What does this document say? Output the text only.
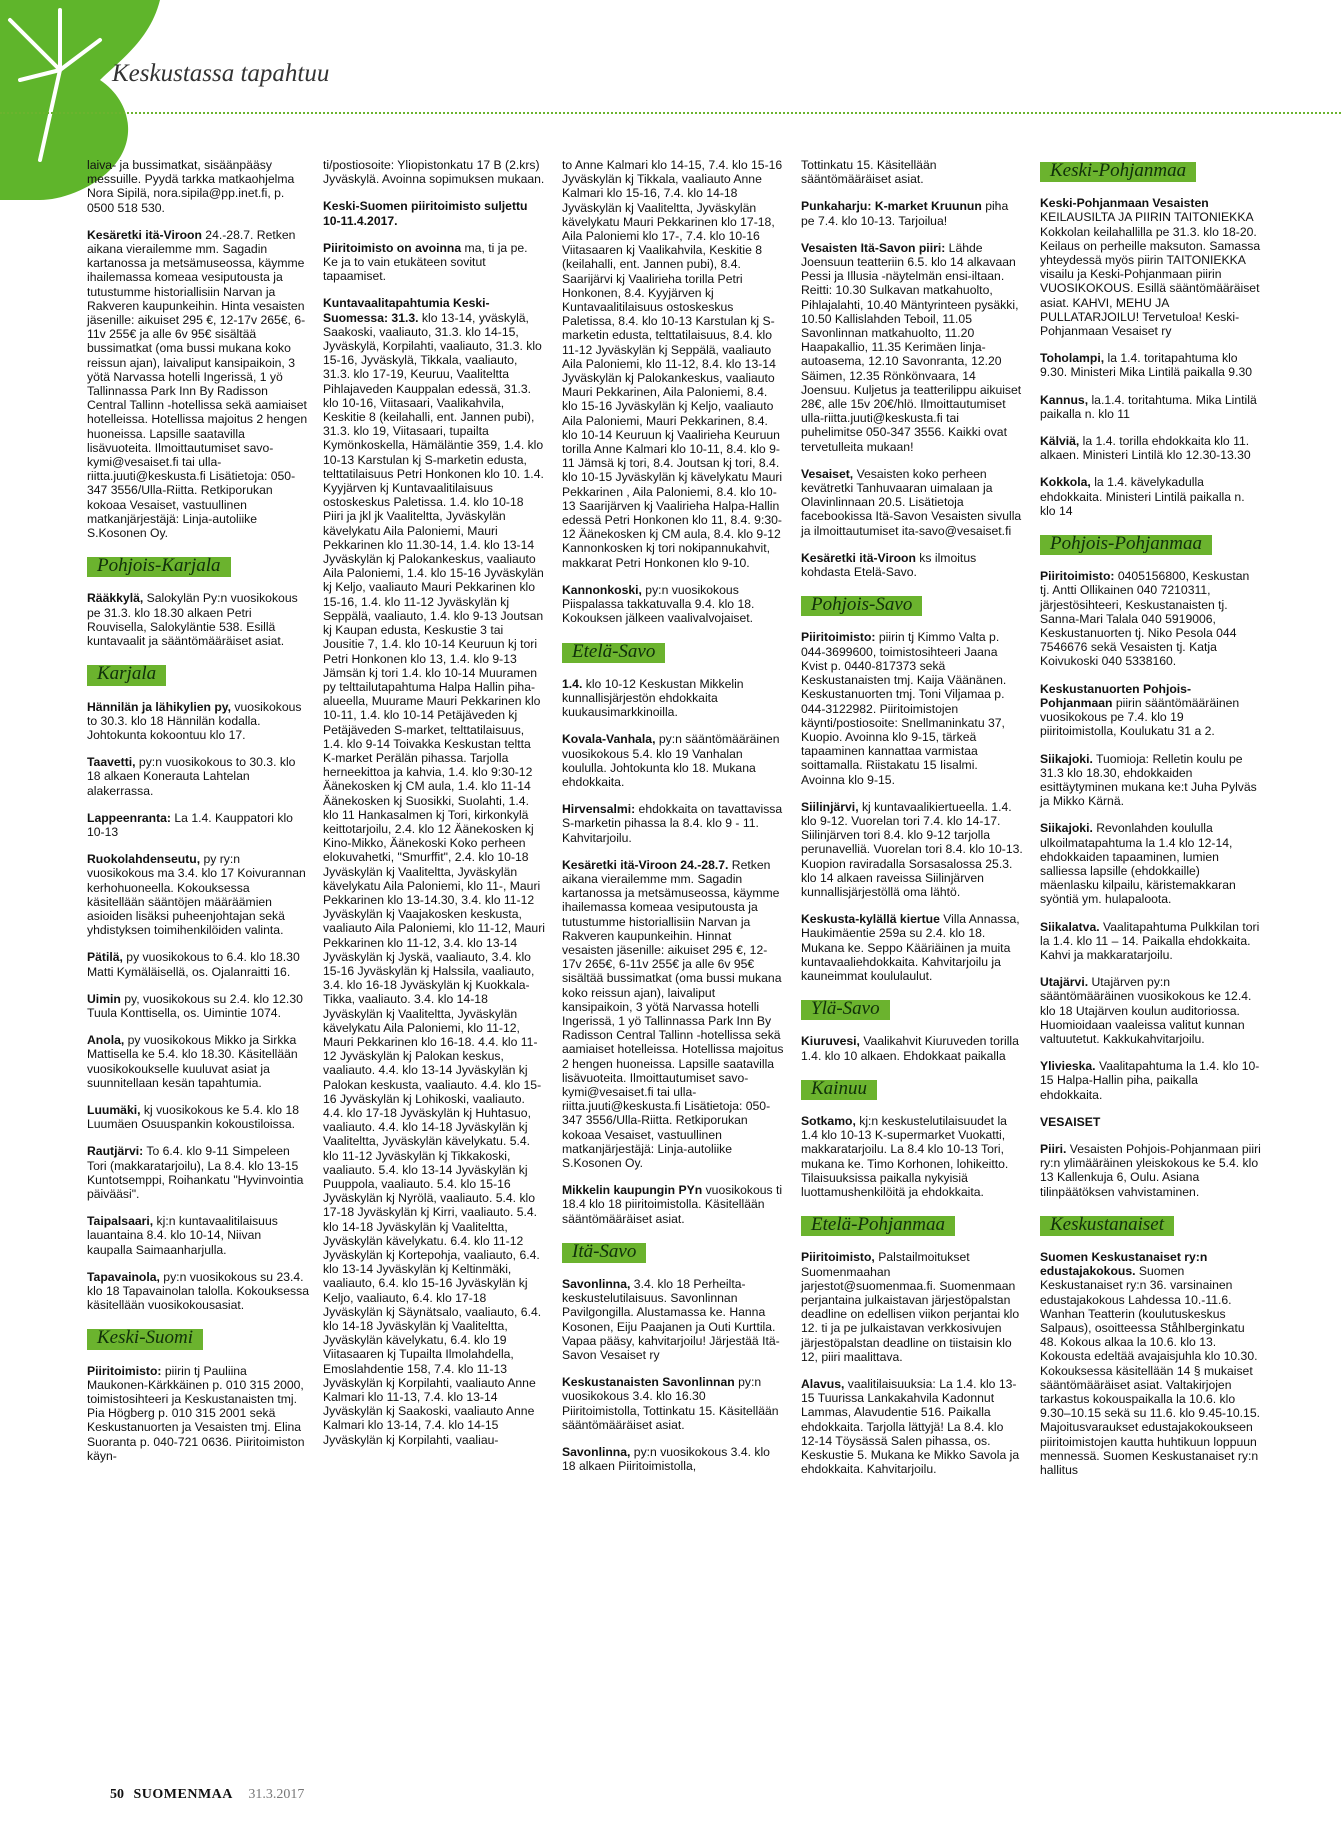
Keskustassa tapahtuu

laiva- ja bussimatkat, sisäänpääsy messuille. Pyydä tarkka matkaohjelma Nora Sipilä, nora.sipila@pp.inet.fi, p. 0500 518 530.

Kesäretki itä-Viroon 24.-28.7. Retken aikana vierailemme mm. Sagadin kartanossa ja metsämuseossa, käymme ihailemassa komeaa vesiputousta ja tutustumme historiallisiin Narvan ja Rakveren kaupunkeihin. Hinta vesaisten jäsenille: aikuiset 295 €, 12-17v 265€, 6-11v 255€ ja alle 6v 95€ sisältää bussimatkat (oma bussi mukana koko reissun ajan), laivaliput kansipaikoin, 3 yötä Narvassa hotelli Ingerissä, 1 yö Tallinnassa Park Inn By Radisson Central Tallinn -hotellissa sekä aamiaiset hotelleissa. Hotellissa majoitus 2 hengen huoneissa. Lapsille saatavilla lisävuoteita. Ilmoittautumiset savo-kymi@vesaiset.fi tai ulla-riitta.juuti@keskusta.fi Lisätietoja: 050-347 3556/Ulla-Riitta. Retkiporukan kokoaa Vesaiset, vastuullinen matkanjärjestäjä: Linja-autoliike S.Kosonen Oy.

Pohjois-Karjala

Rääkkylä, Salokylän Py:n vuosikokous pe 31.3. klo 18.30 alkaen Petri Rouvisella, Salokyläntie 538. Esillä kuntavaalit ja sääntömääräiset asiat.

Karjala

Hännilän ja lähikylien py, vuosikokous to 30.3. klo 18 Hännilän kodalla. Johtokunta kokoontuu klo 17.

Taavetti, py:n vuosikokous to 30.3. klo 18 alkaen Konerauta Lahtelan alakerrassa.

Lappeenranta: La 1.4. Kauppatori klo 10-13

Ruokolahdenseutu, py ry:n vuosikokous ma 3.4. klo 17 Koivurannan kerhohuoneella. Kokouksessa käsitellään sääntöjen määräämien asioiden lisäksi puheenjohtajan sekä yhdistyksen toimihenkilöiden valinta.

Pätilä, py vuosikokous to 6.4. klo 18.30 Matti Kymäläisellä, os. Ojalanraitti 16.

Uimin py, vuosikokous su 2.4. klo 12.30 Tuula Konttisella, os. Uimintie 1074.

Anola, py vuosikokous Mikko ja Sirkka Mattisella ke 5.4. klo 18.30. Käsitellään vuosikokoukselle kuuluvat asiat ja suunnitellaan kesän tapahtumia.

Luumäki, kj vuosikokous ke 5.4. klo 18 Luumäen Osuuspankin kokoustiloissa.

Rautjärvi: To 6.4. klo 9-11 Simpeleen Tori (makkaratarjoilu), La 8.4. klo 13-15 Kuntotsemppi, Roihankatu "Hyvinvointia päivääsi".

Taipalsaari, kj:n kuntavaalitilaisuus lauantaina 8.4. klo 10-14, Niivan kaupalla Saimaanharjulla.

Tapavainola, py:n vuosikokous su 23.4. klo 18 Tapavainolan talolla. Kokouksessa käsitellään vuosikokousasiat.

Keski-Suomi

Piiritoimisto: piirin tj Pauliina Maukonen-Kärkkäinen p. 010 315 2000, toimistosihteeri ja Keskustanaisten tmj. Pia Högberg p. 010 315 2001 sekä Keskustanuorten ja Vesaisten tmj. Elina Suoranta p. 040-721 0636. Piiritoimiston käyn-

ti/postiosoite: Yliopistonkatu 17 B (2.krs) Jyväskylä. Avoinna sopimuksen mukaan.

Keski-Suomen piiritoimisto suljettu 10-11.4.2017.

Piiritoimisto on avoinna ma, ti ja pe. Ke ja to vain etukäteen sovitut tapaamiset.

Kuntavaalitapahtumia Keski-Suomessa: 31.3. klo 13-14, yväskylä, Saakoski, vaaliauto, 31.3. klo 14-15, Jyväskylä, Korpilahti, vaaliauto, 31.3. klo 15-16, Jyväskylä, Tikkala, vaaliauto, 31.3. klo 17-19, Keuruu, Vaaliteltta Pihlajaveden Kauppalan edessä, 31.3. klo 10-16, Viitasaari, Vaalikahvila, Keskitie 8 (keilahalli, ent. Jannen pubi), 31.3. klo 19, Viitasaari, tupailta Kymönkoskella, Hämäläntie 359, 1.4. klo 10-13 Karstulan kj S-marketin edusta, telttatilaisuus Petri Honkonen klo 10. 1.4. Kyyjärven kj Kuntavaalitilaisuus ostoskeskus Paletissa. 1.4. klo 10-18 Piiri ja jkl jk Vaaliteltta, Jyväskylän kävelykatu Aila Paloniemi, Mauri Pekkarinen klo 11.30-14, 1.4. klo 13-14 Jyväskylän kj Palokankeskus, vaaliauto Aila Paloniemi, 1.4. klo 15-16 Jyväskylän kj Keljo, vaaliauto Mauri Pekkarinen klo 15-16, 1.4. klo 11-12 Jyväskylän kj Seppälä, vaaliauto, 1.4. klo 9-13 Joutsan kj Kaupan edusta, Keskustie 3 tai Jousitie 7, 1.4. klo 10-14 Keuruun kj tori Petri Honkonen klo 13, 1.4. klo 9-13 Jämsän kj tori 1.4. klo 10-14 Muuramen py telttailutapahtuma Halpa Hallin piha-alueella, Muurame Mauri Pekkarinen klo 10-11, 1.4. klo 10-14 Petäjäveden kj Petäjäveden S-market, telttatilaisuus, 1.4. klo 9-14 Toivakka Keskustan teltta K-market Perälän pihassa. Tarjolla herneekittoa ja kahvia, 1.4. klo 9:30-12 Äänekosken kj CM aula, 1.4. klo 11-14 Äänekosken kj Suosikki, Suolahti, 1.4. klo 11 Hankasalmen kj Tori, kirkonkylä keittotarjoilu, 2.4. klo 12 Äänekosken kj Kino-Mikko, Äänekoski Koko perheen elokuvahetki, "Smurffit", 2.4. klo 10-18 Jyväskylän kj Vaaliteltta, Jyväskylän kävelykatu Aila Paloniemi, klo 11-, Mauri Pekkarinen klo 13-14.30, 3.4. klo 11-12 Jyväskylän kj Vaajakosken keskusta, vaaliauto Aila Paloniemi, klo 11-12, Mauri Pekkarinen klo 11-12, 3.4. klo 13-14 Jyväskylän kj Jyskä, vaaliauto, 3.4. klo 15-16 Jyväskylän kj Halssila, vaaliauto, 3.4. klo 16-18 Jyväskylän kj Kuokkala-Tikka, vaaliauto. 3.4. klo 14-18 Jyväskylän kj Vaaliteltta, Jyväskylän kävelykatu Aila Paloniemi, klo 11-12, Mauri Pekkarinen klo 16-18. 4.4. klo 11-12 Jyväskylän kj Palokan keskus, vaaliauto. 4.4. klo 13-14 Jyväskylän kj Palokan keskusta, vaaliauto. 4.4. klo 15-16 Jyväskylän kj Lohikoski, vaaliauto. 4.4. klo 17-18 Jyväskylän kj Huhtasuo, vaaliauto. 4.4. klo 14-18 Jyväskylän kj Vaaliteltta, Jyväskylän kävelykatu. 5.4. klo 11-12 Jyväskylän kj Tikkakoski, vaaliauto. 5.4. klo 13-14 Jyväskylän kj Puuppola, vaaliauto. 5.4. klo 15-16 Jyväskylän kj Nyrölä, vaaliauto. 5.4. klo 17-18 Jyväskylän kj Kirri, vaaliauto. 5.4. klo 14-18 Jyväskylän kj Vaaliteltta, Jyväskylän kävelykatu. 6.4. klo 11-12 Jyväskylän kj Kortepohja, vaaliauto, 6.4. klo 13-14 Jyväskylän kj Keltinmäki, vaaliauto, 6.4. klo 15-16 Jyväskylän kj Keljo, vaaliauto, 6.4. klo 17-18 Jyväskylän kj Säynätsalo, vaaliauto, 6.4. klo 14-18 Jyväskylän kj Vaaliteltta, Jyväskylän kävelykatu, 6.4. klo 19 Viitasaaren kj Tupailta Ilmolahdella, Emoslahdentie 158, 7.4. klo 11-13 Jyväskylän kj Korpilahti, vaaliauto Anne Kalmari klo 11-13, 7.4. klo 13-14 Jyväskylän kj Saakoski, vaaliauto Anne Kalmari klo 13-14, 7.4. klo 14-15 Jyväskylän kj Korpilahti, vaaliau-

to Anne Kalmari klo 14-15, 7.4. klo 15-16 Jyväskylän kj Tikkala, vaaliauto Anne Kalmari klo 15-16, 7.4. klo 14-18 Jyväskylän kj Vaaliteltta, Jyväskylän kävelykatu Mauri Pekkarinen klo 17-18, Aila Paloniemi klo 17-, 7.4. klo 10-16 Viitasaaren kj Vaalikahvila, Keskitie 8 (keilahalli, ent. Jannen pubi), 8.4. Saarijärvi kj Vaalirieha torilla Petri Honkonen, 8.4. Kyyjärven kj Kuntavaalitilaisuus ostoskeskus Paletissa, 8.4. klo 10-13 Karstulan kj S-marketin edusta, telttatilaisuus, 8.4. klo 11-12 Jyväskylän kj Seppälä, vaaliauto Aila Paloniemi, klo 11-12, 8.4. klo 13-14 Jyväskylän kj Palokankeskus, vaaliauto Mauri Pekkarinen, Aila Paloniemi, 8.4. klo 15-16 Jyväskylän kj Keljo, vaaliauto Aila Paloniemi, Mauri Pekkarinen, 8.4. klo 10-14 Keuruun kj Vaalirieha Keuruun torilla Anne Kalmari klo 10-11, 8.4. klo 9-11 Jämsä kj tori, 8.4. Joutsan kj tori, 8.4. klo 10-15 Jyväskylän kj kävelykatu Mauri Pekkarinen , Aila Paloniemi, 8.4. klo 10-13 Saarijärven kj Vaalirieha Halpa-Hallin edessä Petri Honkonen klo 11, 8.4. 9:30-12 Äänekosken kj CM aula, 8.4. klo 9-12 Kannonkosken kj tori nokipannukahvit, makkarat Petri Honkonen klo 9-10.

Kannonkoski, py:n vuosikokous Piispalassa takkatuvalla 9.4. klo 18. Kokouksen jälkeen vaalivalvojaiset.

Etelä-Savo

1.4. klo 10-12 Keskustan Mikkelin kunnallisjärjestön ehdokkaita kuukausimarkkinoilla.

Kovala-Vanhala, py:n sääntömääräinen vuosikokous 5.4. klo 19 Vanhalan koululla. Johtokunta klo 18. Mukana ehdokkaita.

Hirvensalmi: ehdokkaita on tavattavissa S-marketin pihassa la 8.4. klo 9 - 11. Kahvitarjoilu.

Kesäretki itä-Viroon 24.-28.7. Retken aikana vierailemme mm. Sagadin kartanossa ja metsämuseossa, käymme ihailemassa komeaa vesiputousta ja tutustumme historiallisiin Narvan ja Rakveren kaupunkeihin. Hinnat vesaisten jäsenille: aikuiset 295 €, 12-17v 265€, 6-11v 255€ ja alle 6v 95€ sisältää bussimatkat (oma bussi mukana koko reissun ajan), laivaliput kansipaikoin, 3 yötä Narvassa hotelli Ingerissä, 1 yö Tallinnassa Park Inn By Radisson Central Tallinn -hotellissa sekä aamiaiset hotelleissa. Hotellissa majoitus 2 hengen huoneissa. Lapsille saatavilla lisävuoteita. Ilmoittautumiset savo-kymi@vesaiset.fi tai ulla-riitta.juuti@keskusta.fi Lisätietoja: 050-347 3556/Ulla-Riitta. Retkiporukan kokoaa Vesaiset, vastuullinen matkanjärjestäjä: Linja-autoliike S.Kosonen Oy.

Mikkelin kaupungin PYn vuosikokous ti 18.4 klo 18 piiritoimistolla. Käsitellään sääntömääräiset asiat.

Itä-Savo

Savonlinna, 3.4. klo 18 Perheilta- keskustelutilaisuus. Savonlinnan Pavilgongilla. Alustamassa ke. Hanna Kosonen, Eiju Paajanen ja Outi Kurttila. Vapaa pääsy, kahvitarjoilu! Järjestää Itä-Savon Vesaiset ry

Keskustanaisten Savonlinnan py:n vuosikokous 3.4. klo 16.30 Piiritoimistolla, Tottinkatu 15. Käsitellään sääntömääräiset asiat.

Savonlinna, py:n vuosikokous 3.4. klo 18 alkaen Piiritoimistolla,

Tottinkatu 15. Käsitellään sääntömääräiset asiat.

Punkaharju: K-market Kruunun piha pe 7.4. klo 10-13. Tarjoilua!

Vesaisten Itä-Savon piiri: Lähde Joensuun teatteriin 6.5. klo 14 alkavaan Pessi ja Illusia -näytelmän ensi-iltaan. Reitti: 10.30 Sulkavan matkahuolto, Pihlajalahti, 10.40 Mäntyrinteen pysäkki, 10.50 Kallislahden Teboil, 11.05 Savonlinnan matkahuolto, 11.20 Haapakallio, 11.35 Kerimäen linja-autoasema, 12.10 Savonranta, 12.20 Säimen, 12.35 Rönkönvaara, 14 Joensuu. Kuljetus ja teatterilippu aikuiset 28€, alle 15v 20€/hlö. Ilmoittautumiset ulla-riitta.juuti@keskusta.fi tai puhelimitse 050-347 3556. Kaikki ovat tervetulleita mukaan!

Vesaiset, Vesaisten koko perheen kevätretki Tanhuvaaran uimalaan ja Olavinlinnaan 20.5. Lisätietoja facebookissa Itä-Savon Vesaisten sivulla ja ilmoittautumiset ita-savo@vesaiset.fi

Kesäretki itä-Viroon ks ilmoitus kohdasta Etelä-Savo.

Pohjois-Savo

Piiritoimisto: piirin tj Kimmo Valta p. 044-3699600, toimistosihteeri Jaana Kvist p. 0440-817373 sekä Keskustanaisten tmj. Kaija Väänänen. Keskustanuorten tmj. Toni Viljamaa p. 044-3122982. Piiritoimistojen käynti/postiosoite: Snellmaninkatu 37, Kuopio. Avoinna klo 9-15, tärkeä tapaaminen kannattaa varmistaa soittamalla. Riistakatu 15 Iisalmi. Avoinna klo 9-15.

Siilinjärvi, kj kuntavaalikiertueella. 1.4. klo 9-12. Vuorelan tori 7.4. klo 14-17. Siilinjärven tori 8.4. klo 9-12 tarjolla perunavelliä. Vuorelan tori 8.4. klo 10-13. Kuopion raviradalla Sorsasalossa 25.3. klo 14 alkaen raveissa Siilinjärven kunnallisjärjestöllä oma lähtö.

Keskusta-kylällä kiertue Villa Annassa, Haukimäentie 259a su 2.4. klo 18. Mukana ke. Seppo Kääriäinen ja muita kuntavaaliehdokkaita. Kahvitarjoilu ja kauneimmat koululaulut.

Ylä-Savo

Kiuruvesi, Vaalikahvit Kiuruveden torilla 1.4. klo 10 alkaen. Ehdokkaat paikalla

Kainuu

Sotkamo, kj:n keskustelutilaisuudet la 1.4 klo 10-13 K-supermarket Vuokatti, makkaratarjoilu. La 8.4 klo 10-13 Tori, mukana ke. Timo Korhonen, lohikeitto. Tilaisuuksissa paikalla nykyisiä luottamushenkilöitä ja ehdokkaita.

Etelä-Pohjanmaa

Piiritoimisto, Palstailmoitukset Suomenmaahan jarjestot@suomenmaa.fi. Suomenmaan perjantaina julkaistavan järjestöpalstan deadline on edellisen viikon perjantai klo 12. ti ja pe julkaistavan verkkosivujen järjestöpalstan deadline on tiistaisin klo 12, piiri maalittava.

Alavus, vaalitilaisuuksia: La 1.4. klo 13-15 Tuurissa Lankakahvila Kadonnut Lammas, Alavudentie 516. Paikalla ehdokkaita. Tarjolla lättyjä! La 8.4. klo 12-14 Töysässä Salen pihassa, os. Keskustie 5. Mukana ke Mikko Savola ja ehdokkaita. Kahvitarjoilu.

Keski-Pohjanmaa

Keski-Pohjanmaan Vesaisten KEILAUSILTA JA PIIRIN TAITONIEKKA Kokkolan keilahallilla pe 31.3. klo 18-20. Keilaus on perheille maksuton. Samassa yhteydessä myös piirin TAITONIEKKA visailu ja Keski-Pohjanmaan piirin VUOSIKOKOUS. Esillä sääntömääräiset asiat. KAHVI, MEHU JA PULLATARJOILU! Tervetuloa! Keski-Pohjanmaan Vesaiset ry

Toholampi, la 1.4. toritapahtuma klo 9.30. Ministeri Mika Lintilä paikalla 9.30

Kannus, la.1.4. toritahtuma. Mika Lintilä paikalla n. klo 11

Kälviä, la 1.4. torilla ehdokkaita klo 11. alkaen. Ministeri Lintilä klo 12.30-13.30

Kokkola, la 1.4. kävelykadulla ehdokkaita. Ministeri Lintilä paikalla n. klo 14

Pohjois-Pohjanmaa

Piiritoimisto: 0405156800, Keskustan tj. Antti Ollikainen 040 7210311, järjestösihteeri, Keskustanaisten tj. Sanna-Mari Talala 040 5919006, Keskustanuorten tj. Niko Pesola 044 7546676 sekä Vesaisten tj. Katja Koivukoski 040 5338160.

Keskustanuorten Pohjois-Pohjanmaan piirin sääntömääräinen vuosikokous pe 7.4. klo 19 piiritoimistolla, Koulukatu 31 a 2.

Siikajoki. Tuomioja: Relletin koulu pe 31.3 klo 18.30, ehdokkaiden esittäytyminen mukana ke:t Juha Pylväs ja Mikko Kärnä.

Siikajoki. Revonlahden koululla ulkoilmatapahtuma la 1.4 klo 12-14, ehdokkaiden tapaaminen, lumien salliessa lapsille (ehdokkaille) mäenlasku kilpailu, käristemakkaran syöntiä ym. hulapaloota.

Siikalatva. Vaalitapahtuma Pulkkilan tori la 1.4. klo 11 – 14. Paikalla ehdokkaita. Kahvi ja makkaratarjoilu.

Utajärvi. Utajärven py:n sääntömääräinen vuosikokous ke 12.4. klo 18 Utajärven koulun auditoriossa. Huomioidaan vaaleissa valitut kunnan valtuutetut. Kakkukahvitarjoilu.

Ylivieska. Vaalitapahtuma la 1.4. klo 10-15 Halpa-Hallin piha, paikalla ehdokkaita.

VESAISET

Piiri. Vesaisten Pohjois-Pohjanmaan piiri ry:n ylimääräinen yleiskokous ke 5.4. klo 13 Kallenkuja 6, Oulu. Asiana tilinpäätöksen vahvistaminen.

Keskustanaiset

Suomen Keskustanaiset ry:n edustajakokous. Suomen Keskustanaiset ry:n 36. varsinainen edustajakokous Lahdessa 10.-11.6. Wanhan Teatterin (koulutuskeskus Salpaus), osoitteessa Ståhlberginkatu 48. Kokous alkaa la 10.6. klo 13. Kokousta edeltää avajaisjuhla klo 10.30. Kokouksessa käsitellään 14 § mukaiset sääntömääräiset asiat. Valtakirjojen tarkastus kokouspaikalla la 10.6. klo 9.30–10.15 sekä su 11.6. klo 9.45-10.15. Majoitusvaraukset edustajakokoukseen piiritoimistojen kautta huhtikuun loppuun mennessä. Suomen Keskustanaiset ry:n hallitus

50 SUOMENMAA 31.3.2017
